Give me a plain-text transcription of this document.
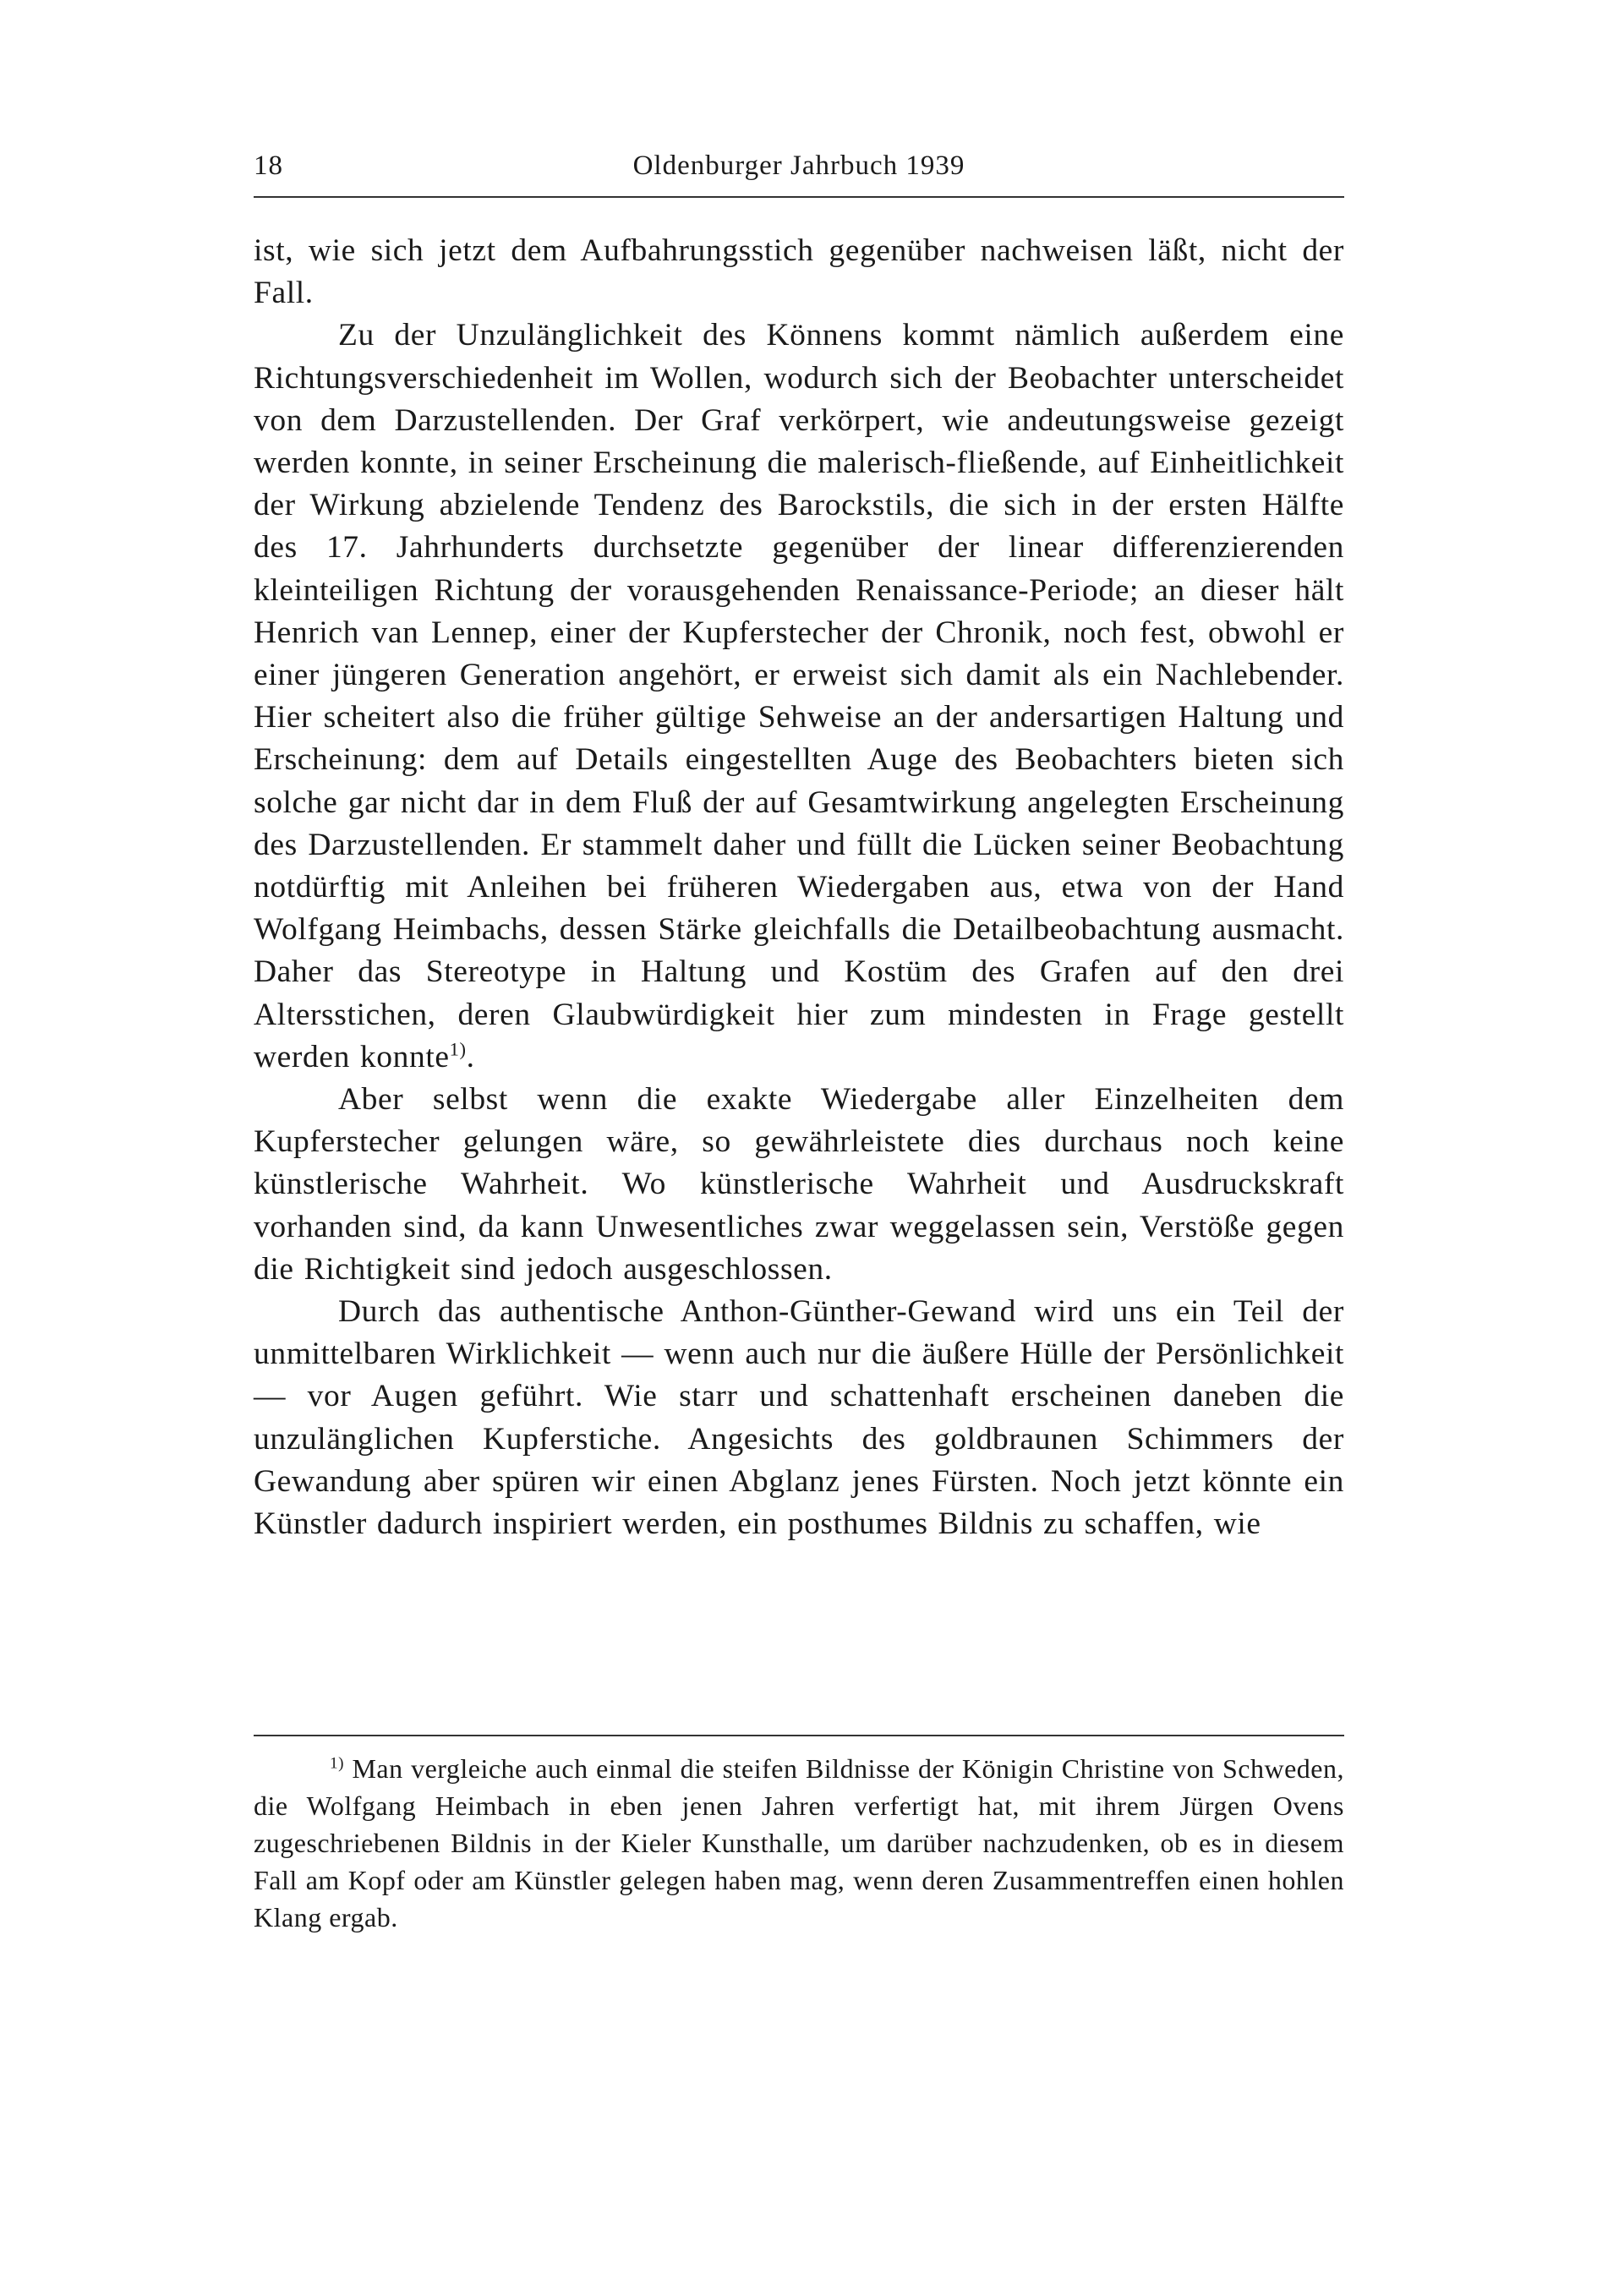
18	Oldenburger Jahrbuch 1939

ist, wie sich jetzt dem Aufbahrungsstich gegenüber nachweisen läßt, nicht der Fall.

Zu der Unzulänglichkeit des Könnens kommt nämlich außerdem eine Richtungsverschiedenheit im Wollen, wodurch sich der Beobachter unterscheidet von dem Darzustellenden. Der Graf verkörpert, wie andeutungsweise gezeigt werden konnte, in seiner Erscheinung die malerisch-fließende, auf Einheitlichkeit der Wirkung abzielende Tendenz des Barockstils, die sich in der ersten Hälfte des 17. Jahrhunderts durchsetzte gegenüber der linear differenzierenden kleinteiligen Richtung der vorausgehenden Renaissance-Periode; an dieser hält Henrich van Lennep, einer der Kupferstecher der Chronik, noch fest, obwohl er einer jüngeren Generation angehört, er erweist sich damit als ein Nachlebender. Hier scheitert also die früher gültige Sehweise an der andersartigen Haltung und Erscheinung: dem auf Details eingestellten Auge des Beobachters bieten sich solche gar nicht dar in dem Fluß der auf Gesamtwirkung angelegten Erscheinung des Darzustellenden. Er stammelt daher und füllt die Lücken seiner Beobachtung notdürftig mit Anleihen bei früheren Wiedergaben aus, etwa von der Hand Wolfgang Heimbachs, dessen Stärke gleichfalls die Detailbeobachtung ausmacht. Daher das Stereotype in Haltung und Kostüm des Grafen auf den drei Altersstichen, deren Glaubwürdigkeit hier zum mindesten in Frage gestellt werden konnte$^{1)}$.

Aber selbst wenn die exakte Wiedergabe aller Einzelheiten dem Kupferstecher gelungen wäre, so gewährleistete dies durchaus noch keine künstlerische Wahrheit. Wo künstlerische Wahrheit und Ausdruckskraft vorhanden sind, da kann Unwesentliches zwar weggelassen sein, Verstöße gegen die Richtigkeit sind jedoch ausgeschlossen.

Durch das authentische Anthon-Günther-Gewand wird uns ein Teil der unmittelbaren Wirklichkeit — wenn auch nur die äußere Hülle der Persönlichkeit — vor Augen geführt. Wie starr und schattenhaft erscheinen daneben die unzulänglichen Kupferstiche. Angesichts des goldbraunen Schimmers der Gewandung aber spüren wir einen Abglanz jenes Fürsten. Noch jetzt könnte ein Künstler dadurch inspiriert werden, ein posthumes Bildnis zu schaffen, wie

$^{1)}$ Man vergleiche auch einmal die steifen Bildnisse der Königin Christine von Schweden, die Wolfgang Heimbach in eben jenen Jahren verfertigt hat, mit ihrem Jürgen Ovens zugeschriebenen Bildnis in der Kieler Kunsthalle, um darüber nachzudenken, ob es in diesem Fall am Kopf oder am Künstler gelegen haben mag, wenn deren Zusammentreffen einen hohlen Klang ergab.
